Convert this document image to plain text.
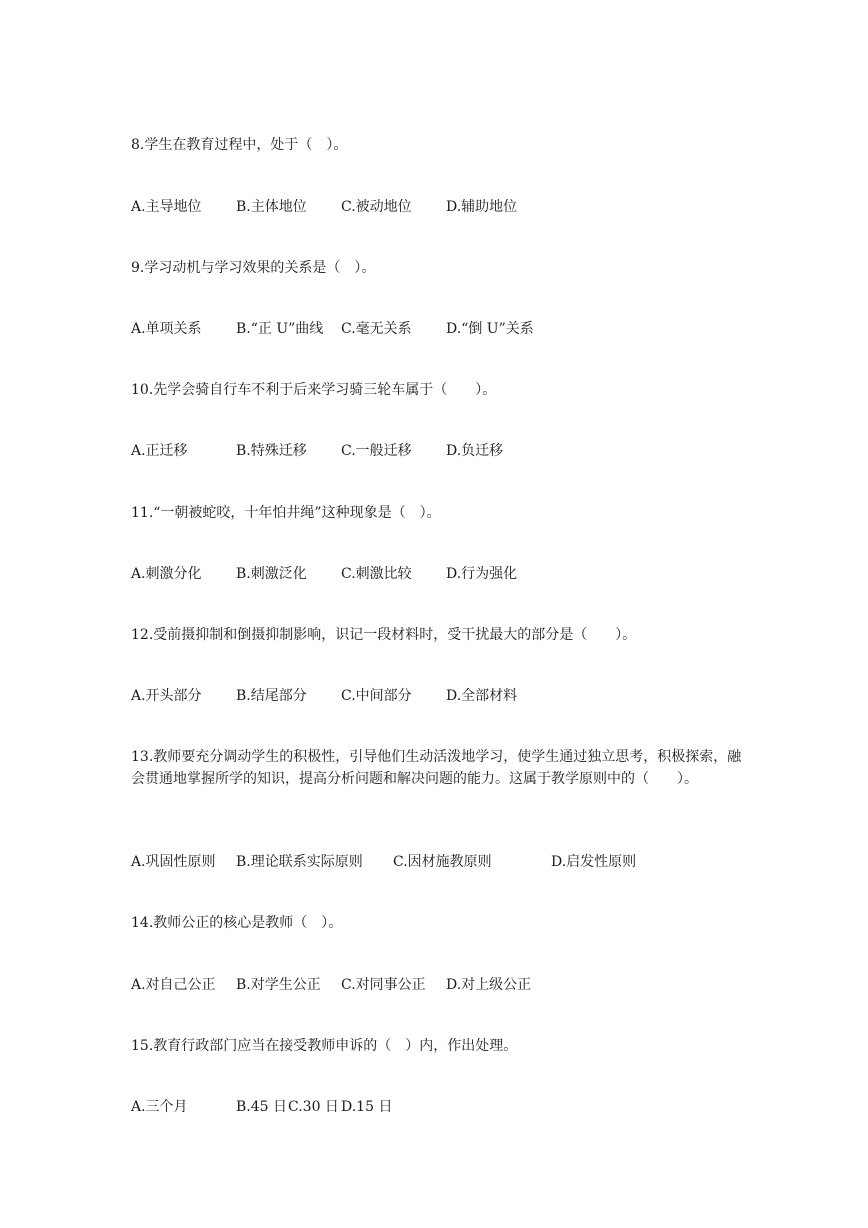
8.学生在教育过程中，处于（　）。
A.主导地位 B.主体地位 C.被动地位 D.辅助地位
9.学习动机与学习效果的关系是（　）。
A.单项关系 B.“正 U”曲线 C.毫无关系 D.“倒 U”关系
10.先学会骑自行车不利于后来学习骑三轮车属于（　　）。
A.正迁移	B.特殊迁移 C.一般迁移 D.负迁移
11.“一朝被蛇咬，十年怕井绳”这种现象是（　）。
A.刺激分化 B.刺激泛化 C.刺激比较 D.行为强化
12.受前摄抑制和倒摄抑制影响，识记一段材料时，受干扰最大的部分是（　　）。
A.开头部分 B.结尾部分 C.中间部分 D.全部材料
13.教师要充分调动学生的积极性，引导他们生动活泼地学习，使学生通过独立思考，积极探索，融会贯通地掌握所学的知识，提高分析问题和解决问题的能力。这属于教学原则中的（　　）。
A.巩固性原则 B.理论联系实际原则 C.因材施教原则	D.启发性原则
14.教师公正的核心是教师（　）。
A.对自己公正 B.对学生公正 C.对同事公正 D.对上级公正
15.教育行政部门应当在接受教师申诉的（　）内，作出处理。
A.三个月	B.45 日 C.30 日 D.15 日
